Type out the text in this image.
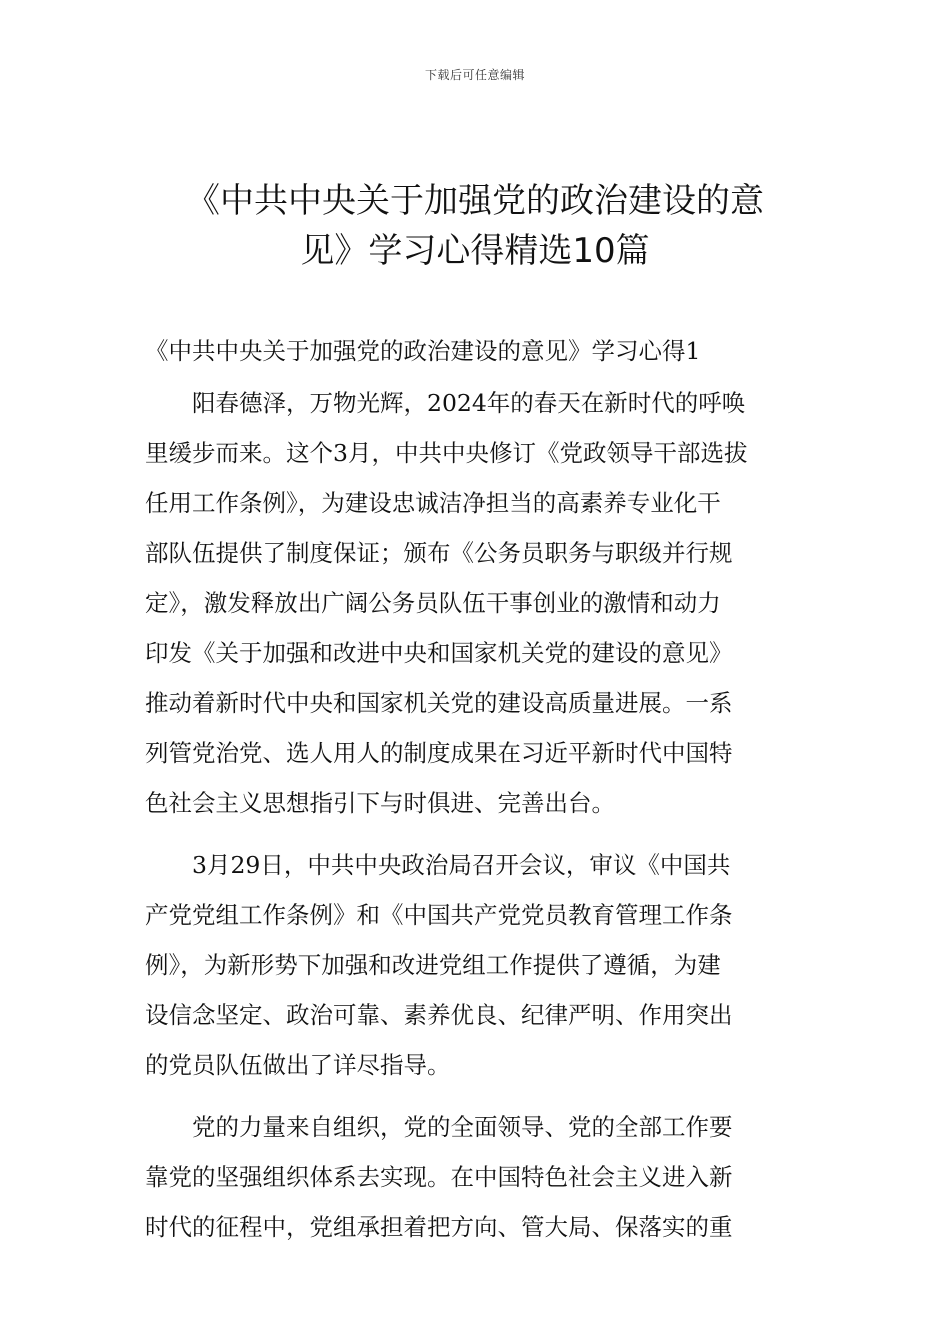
下载后可任意编辑
《中共中央关于加强党的政治建设的意
见》学习心得精选10篇
《中共中央关于加强党的政治建设的意见》学习心得1
阳春德泽，万物光辉，2024年的春天在新时代的呼唤
里缓步而来。这个3月，中共中央修订《党政领导干部选拔
任用工作条例》，为建设忠诚洁净担当的高素养专业化干
部队伍提供了制度保证；颁布《公务员职务与职级并行规
定》，激发释放出广阔公务员队伍干事创业的激情和动力
印发《关于加强和改进中央和国家机关党的建设的意见》
推动着新时代中央和国家机关党的建设高质量进展。一系
列管党治党、选人用人的制度成果在习近平新时代中国特
色社会主义思想指引下与时俱进、完善出台。
3月29日，中共中央政治局召开会议，审议《中国共
产党党组工作条例》和《中国共产党党员教育管理工作条
例》，为新形势下加强和改进党组工作提供了遵循，为建
设信念坚定、政治可靠、素养优良、纪律严明、作用突出
的党员队伍做出了详尽指导。
党的力量来自组织，党的全面领导、党的全部工作要
靠党的坚强组织体系去实现。在中国特色社会主义进入新
时代的征程中，党组承担着把方向、管大局、保落实的重
